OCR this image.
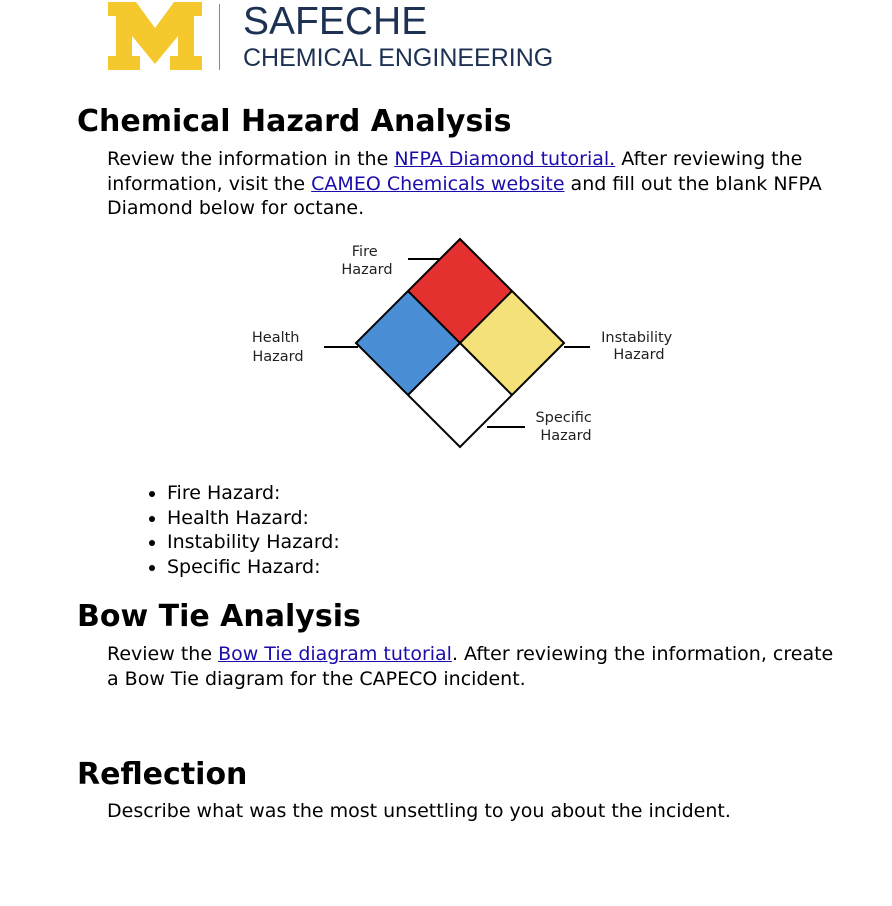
SAFECHE
CHEMICAL ENGINEERING
Chemical Hazard Analysis

Review the information in the NFPA Diamond tutorial. After reviewing the information, visit the CAMEO Chemicals website and fill out the blank NFPA Diamond below for octane.

Fire Hazard
Health Hazard
Instability Hazard
Specific Hazard
• Fire Hazard:
• Health Hazard:
• Instability Hazard:
• Specific Hazard:
Bow Tie Analysis

Review the Bow Tie diagram tutorial. After reviewing the information, create a Bow Tie diagram for the CAPECO incident.

Reflection

Describe what was the most unsettling to you about the incident.
